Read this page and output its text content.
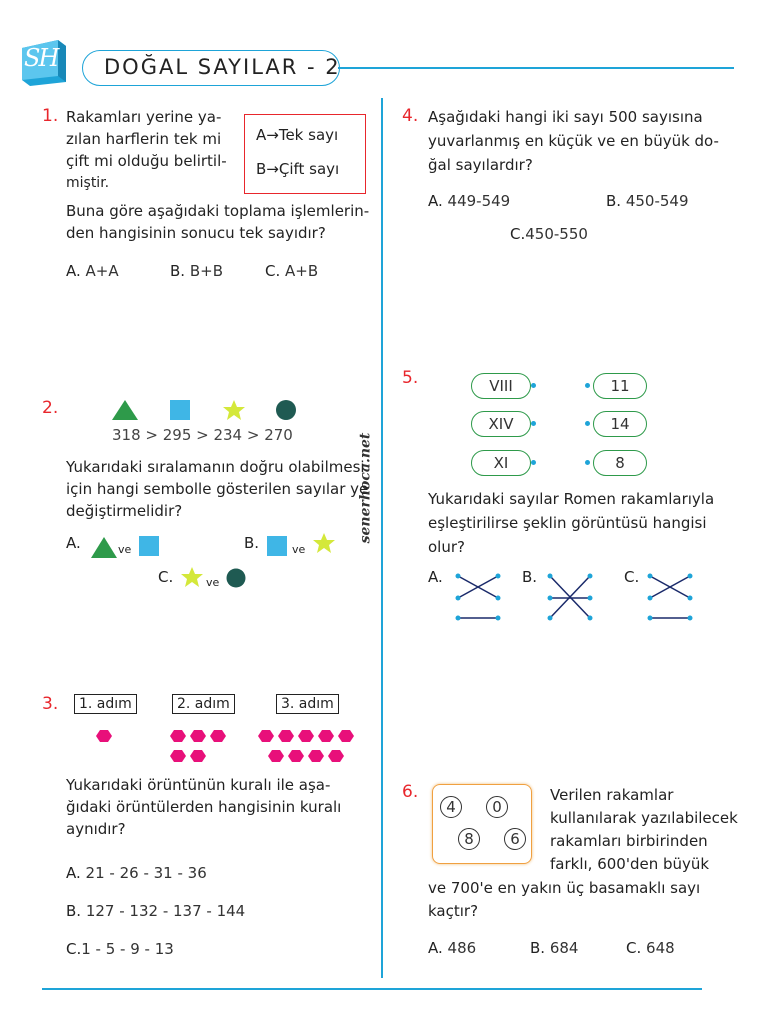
SH DOĞAL SAYILAR - 2
senerhoca.net
1. Rakamları yerine ya-
zılan harflerin tek mi
çift mi olduğu belirtil-
miştir.
A→Tek sayı
B→Çift sayı
Buna göre aşağıdaki toplama işlemlerin-
den hangisinin sonucu tek sayıdır?
A. A+A	B. B+B	C. A+B
2.
318 > 295 > 234 > 270
Yukarıdaki sıralamanın doğru olabilmesi
için hangi sembolle gösterilen sayılar ye
değiştirmelidir?
A.	ve	B.	ve
C.	ve
3.	1. adım	2. adım	3. adım
Yukarıdaki örüntünün kuralı ile aşa-
ğıdaki örüntülerden hangisinin kuralı
aynıdır?
A. 21 - 26 - 31 - 36
B. 127 - 132 - 137 - 144
C.1 - 5 - 9 - 13
4. Aşağıdaki hangi iki sayı 500 sayısına
yuvarlanmış en küçük ve en büyük do-
ğal sayılardır?
A. 449-549	B. 450-549
C.450-550
5.	VIII
XIV
XI
11
14
8
Yukarıdaki sayılar Romen rakamlarıyla
eşleştirilirse şeklin görüntüsü hangisi
olur?
A.	B.	C.
6.
4	0
8	6
Verilen rakamlar
kullanılarak yazılabilecek
rakamları birbirinden
farklı, 600'den büyük
ve 700'e en yakın üç basamaklı sayı
kaçtır?
A. 486	B. 684	C. 648
